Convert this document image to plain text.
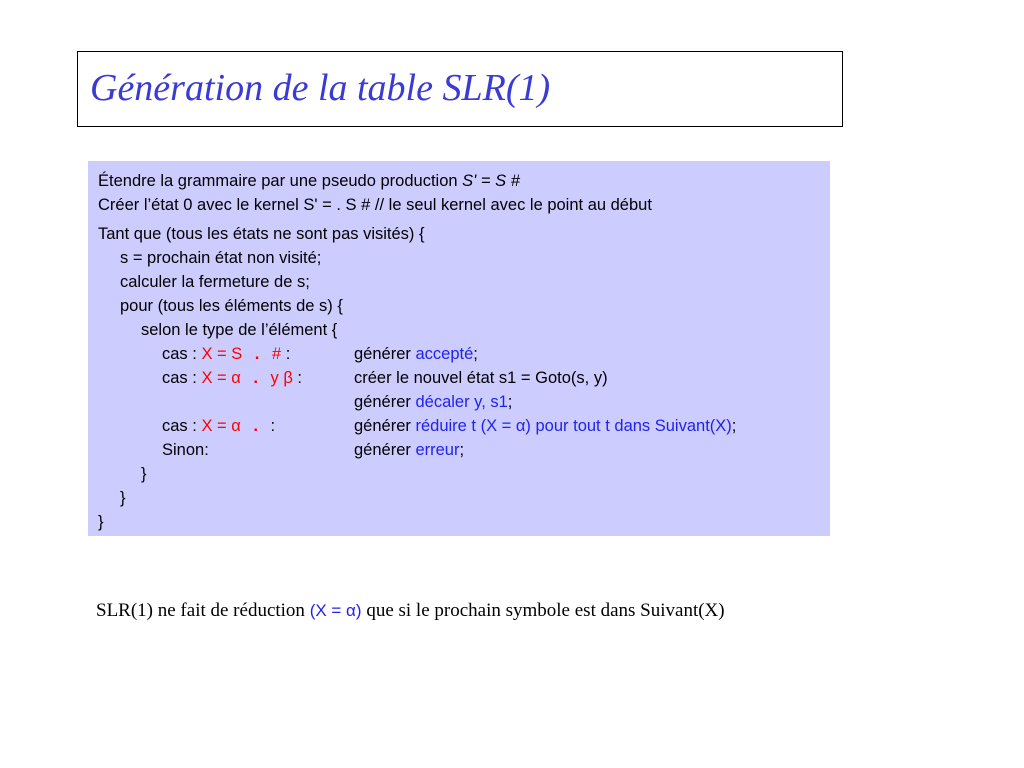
Génération de la table SLR(1)
Étendre la grammaire par une pseudo production S' = S #
Créer l’état 0 avec le kernel S' = . S # // le seul kernel avec le point au début
Tant que (tous les états ne sont pas visités) {
s = prochain état non visité;
calculer la fermeture de s;
pour (tous les éléments de s) {
selon le type de l’élément {
cas : X = S . # :	générer accepté;
cas : X = α . y β :	créer le nouvel état s1 = Goto(s, y)
générer décaler y, s1;
cas : X = α . :	générer réduire t (X = α) pour tout t dans Suivant(X);
Sinon:	générer erreur;
}
}
}
SLR(1) ne fait de réduction (X = α) que si le prochain symbole est dans Suivant(X)
